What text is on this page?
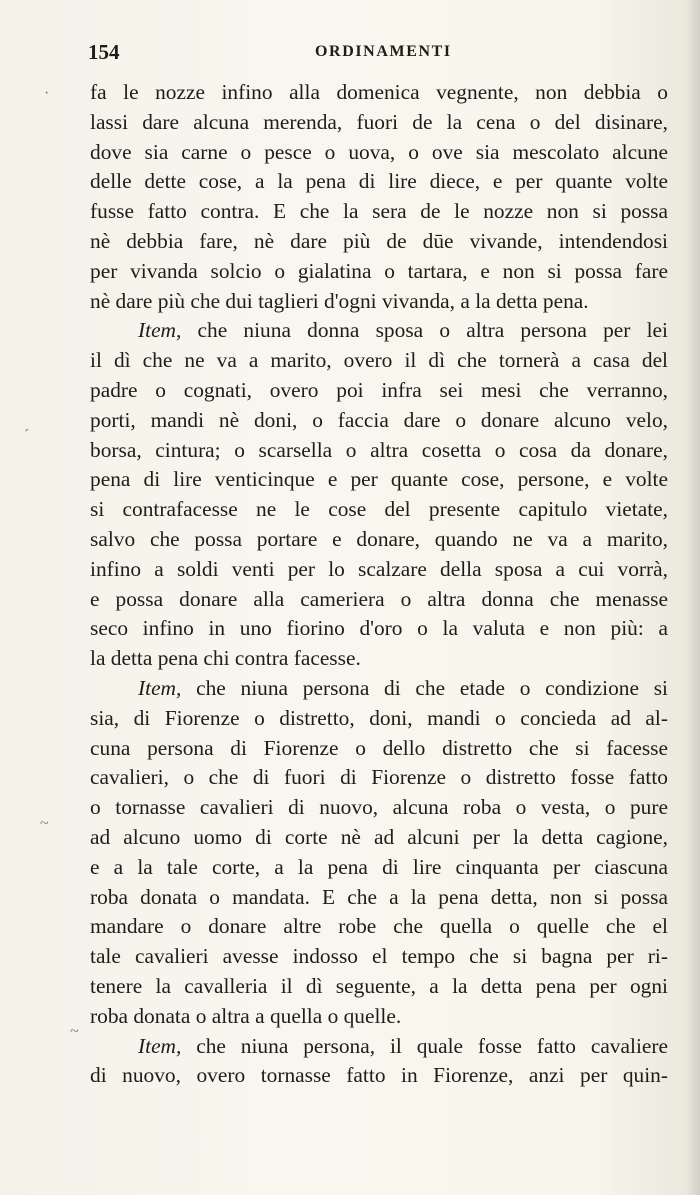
154	ORDINAMENTI
·
´
~
~
fa le nozze infino alla domenica vegnente, non debbia o
lassi dare alcuna merenda, fuori de la cena o del disinare,
dove sia carne o pesce o uova, o ove sia mescolato alcune
delle dette cose, a la pena di lire diece, e per quante volte
fusse fatto contra. E che la sera de le nozze non si possa
nè debbia fare, nè dare più de dūe vivande, intendendosi
per vivanda solcio o gialatina o tartara, e non si possa fare
nè dare più che dui taglieri d'ogni vivanda, a la detta pena.
Item, che niuna donna sposa o altra persona per lei
il dì che ne va a marito, overo il dì che tornerà a casa del
padre o cognati, overo poi infra sei mesi che verranno,
porti, mandi nè doni, o faccia dare o donare alcuno velo,
borsa, cintura; o scarsella o altra cosetta o cosa da donare,
pena di lire venticinque e per quante cose, persone, e volte
si contrafacesse ne le cose del presente capitulo vietate,
salvo che possa portare e donare, quando ne va a marito,
infino a soldi venti per lo scalzare della sposa a cui vorrà,
e possa donare alla cameriera o altra donna che menasse
seco infino in uno fiorino d'oro o la valuta e non più: a
la detta pena chi contra facesse.
Item, che niuna persona di che etade o condizione si
sia, di Fiorenze o distretto, doni, mandi o concieda ad al-
cuna persona di Fiorenze o dello distretto che si facesse
cavalieri, o che di fuori di Fiorenze o distretto fosse fatto
o tornasse cavalieri di nuovo, alcuna roba o vesta, o pure
ad alcuno uomo di corte nè ad alcuni per la detta cagione,
e a la tale corte, a la pena di lire cinquanta per ciascuna
roba donata o mandata. E che a la pena detta, non si possa
mandare o donare altre robe che quella o quelle che el
tale cavalieri avesse indosso el tempo che si bagna per ri-
tenere la cavalleria il dì seguente, a la detta pena per ogni
roba donata o altra a quella o quelle.
Item, che niuna persona, il quale fosse fatto cavaliere
di nuovo, overo tornasse fatto in Fiorenze, anzi per quin-
